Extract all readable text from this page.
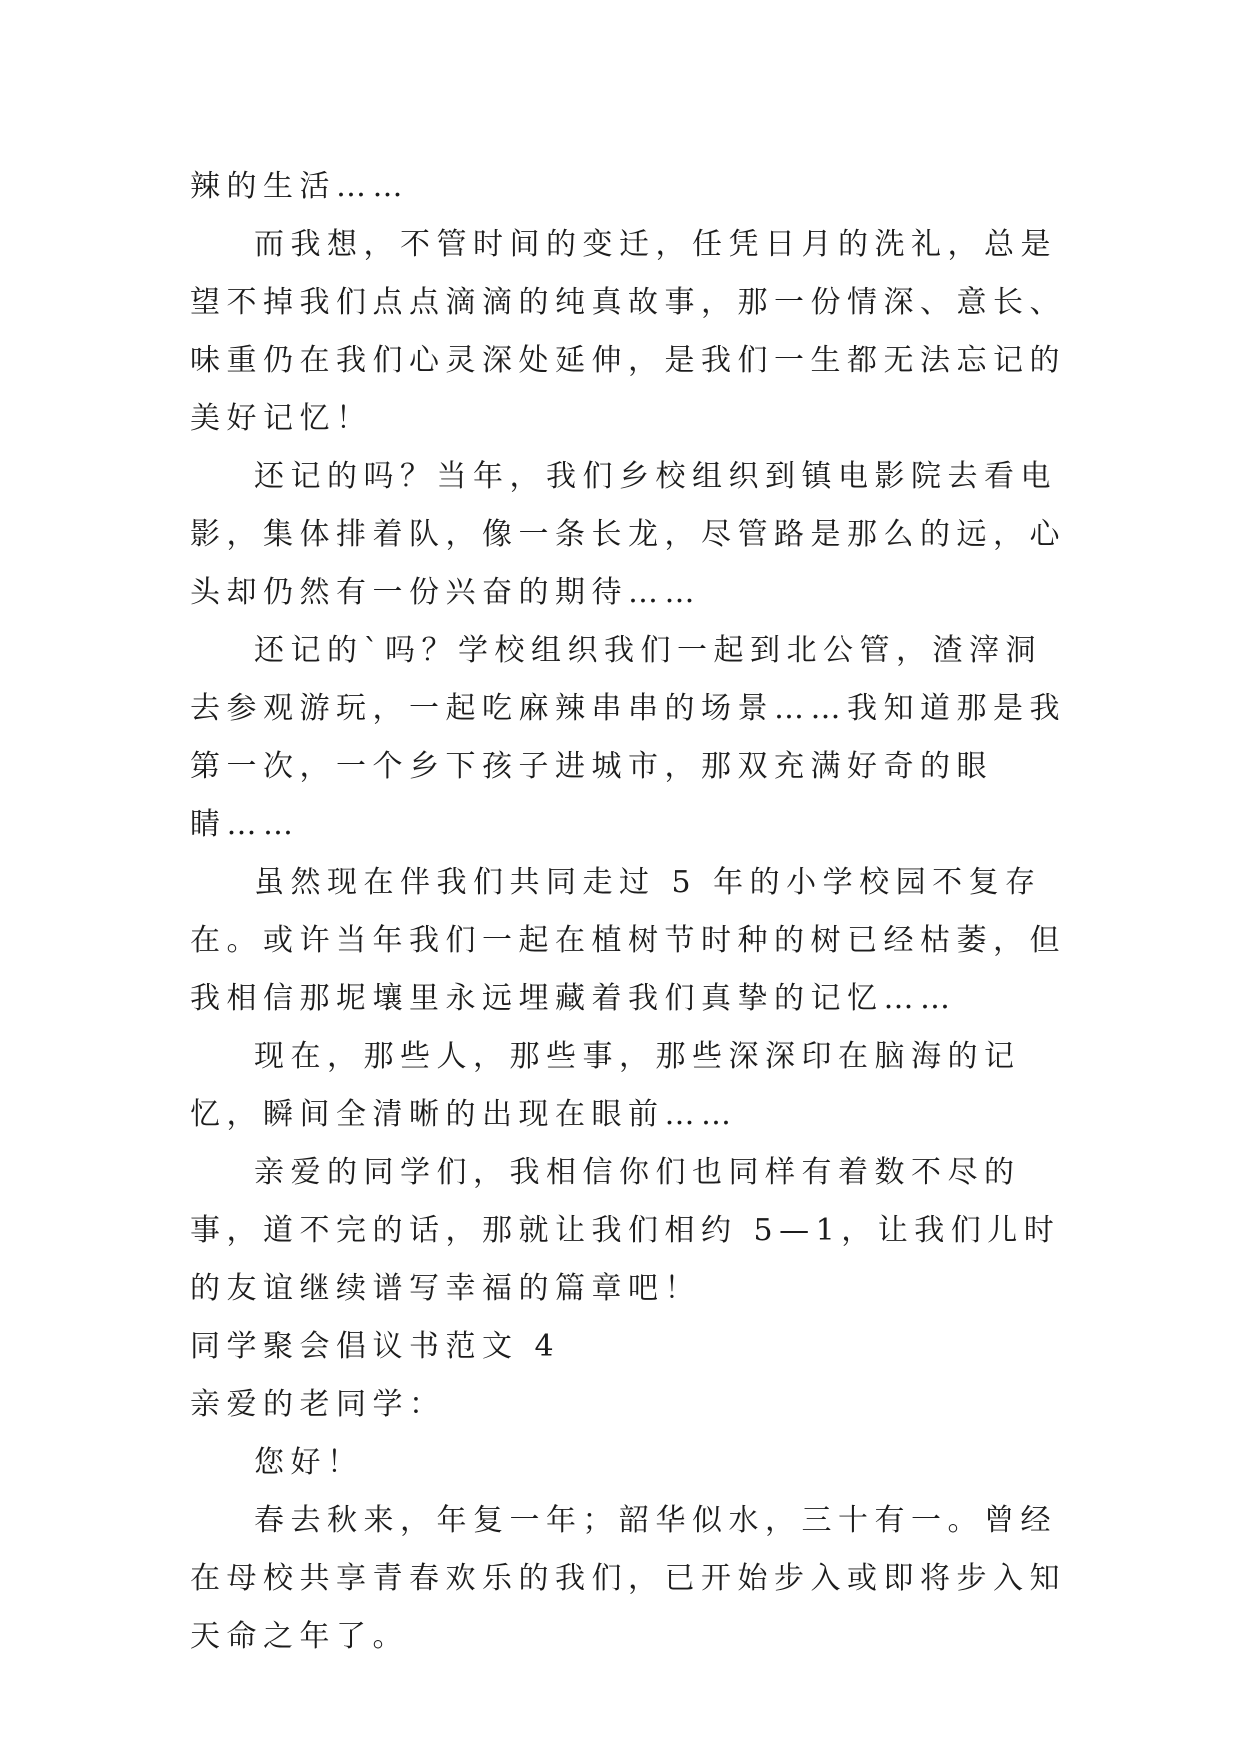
辣的生活……

而我想，不管时间的变迁，任凭日月的洗礼，总是望不掉我们点点滴滴的纯真故事，那一份情深、意长、味重仍在我们心灵深处延伸，是我们一生都无法忘记的美好记忆！

还记的吗？当年，我们乡校组织到镇电影院去看电影，集体排着队，像一条长龙，尽管路是那么的远，心头却仍然有一份兴奋的期待……

还记的`吗？学校组织我们一起到北公管，渣滓洞去参观游玩，一起吃麻辣串串的场景……我知道那是我第一次，一个乡下孩子进城市，那双充满好奇的眼睛……

虽然现在伴我们共同走过 5 年的小学校园不复存在。或许当年我们一起在植树节时种的树已经枯萎，但我相信那坭壤里永远埋藏着我们真挚的记忆……

现在，那些人，那些事，那些深深印在脑海的记忆，瞬间全清晰的出现在眼前……

亲爱的同学们，我相信你们也同样有着数不尽的事，道不完的话，那就让我们相约 5—1，让我们儿时的友谊继续谱写幸福的篇章吧！

同学聚会倡议书范文 4

亲爱的老同学：

您好！

春去秋来，年复一年；韶华似水，三十有一。曾经在母校共享青春欢乐的我们，已开始步入或即将步入知天命之年了。
